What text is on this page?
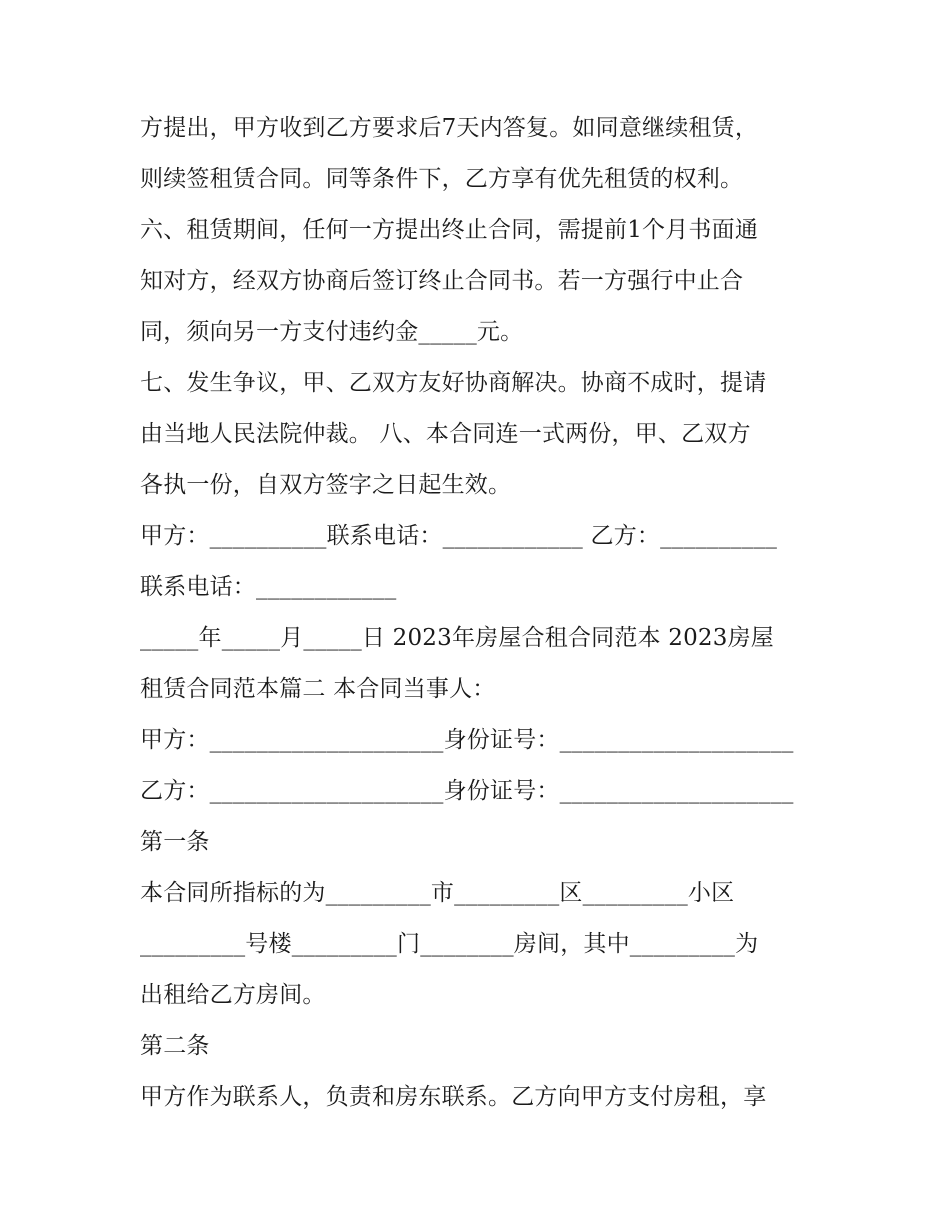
方提出，甲方收到乙方要求后7天内答复。如同意继续租赁，
则续签租赁合同。同等条件下，乙方享有优先租赁的权利。
六、租赁期间，任何一方提出终止合同，需提前1个月书面通
知对方，经双方协商后签订终止合同书。若一方强行中止合
同，须向另一方支付违约金_____元。
七、发生争议，甲、乙双方友好协商解决。协商不成时，提请
由当地人民法院仲裁。 八、本合同连一式两份，甲、乙双方
各执一份，自双方签字之日起生效。
甲方：__________联系电话：____________ 乙方：__________
联系电话：____________
_____年_____月_____日 2023年房屋合租合同范本 2023房屋
租赁合同范本篇二 本合同当事人：
甲方：____________________身份证号：____________________
乙方：____________________身份证号：____________________
第一条
本合同所指标的为_________市_________区_________小区
_________号楼_________门________房间，其中_________为
出租给乙方房间。
第二条
甲方作为联系人，负责和房东联系。乙方向甲方支付房租，享
